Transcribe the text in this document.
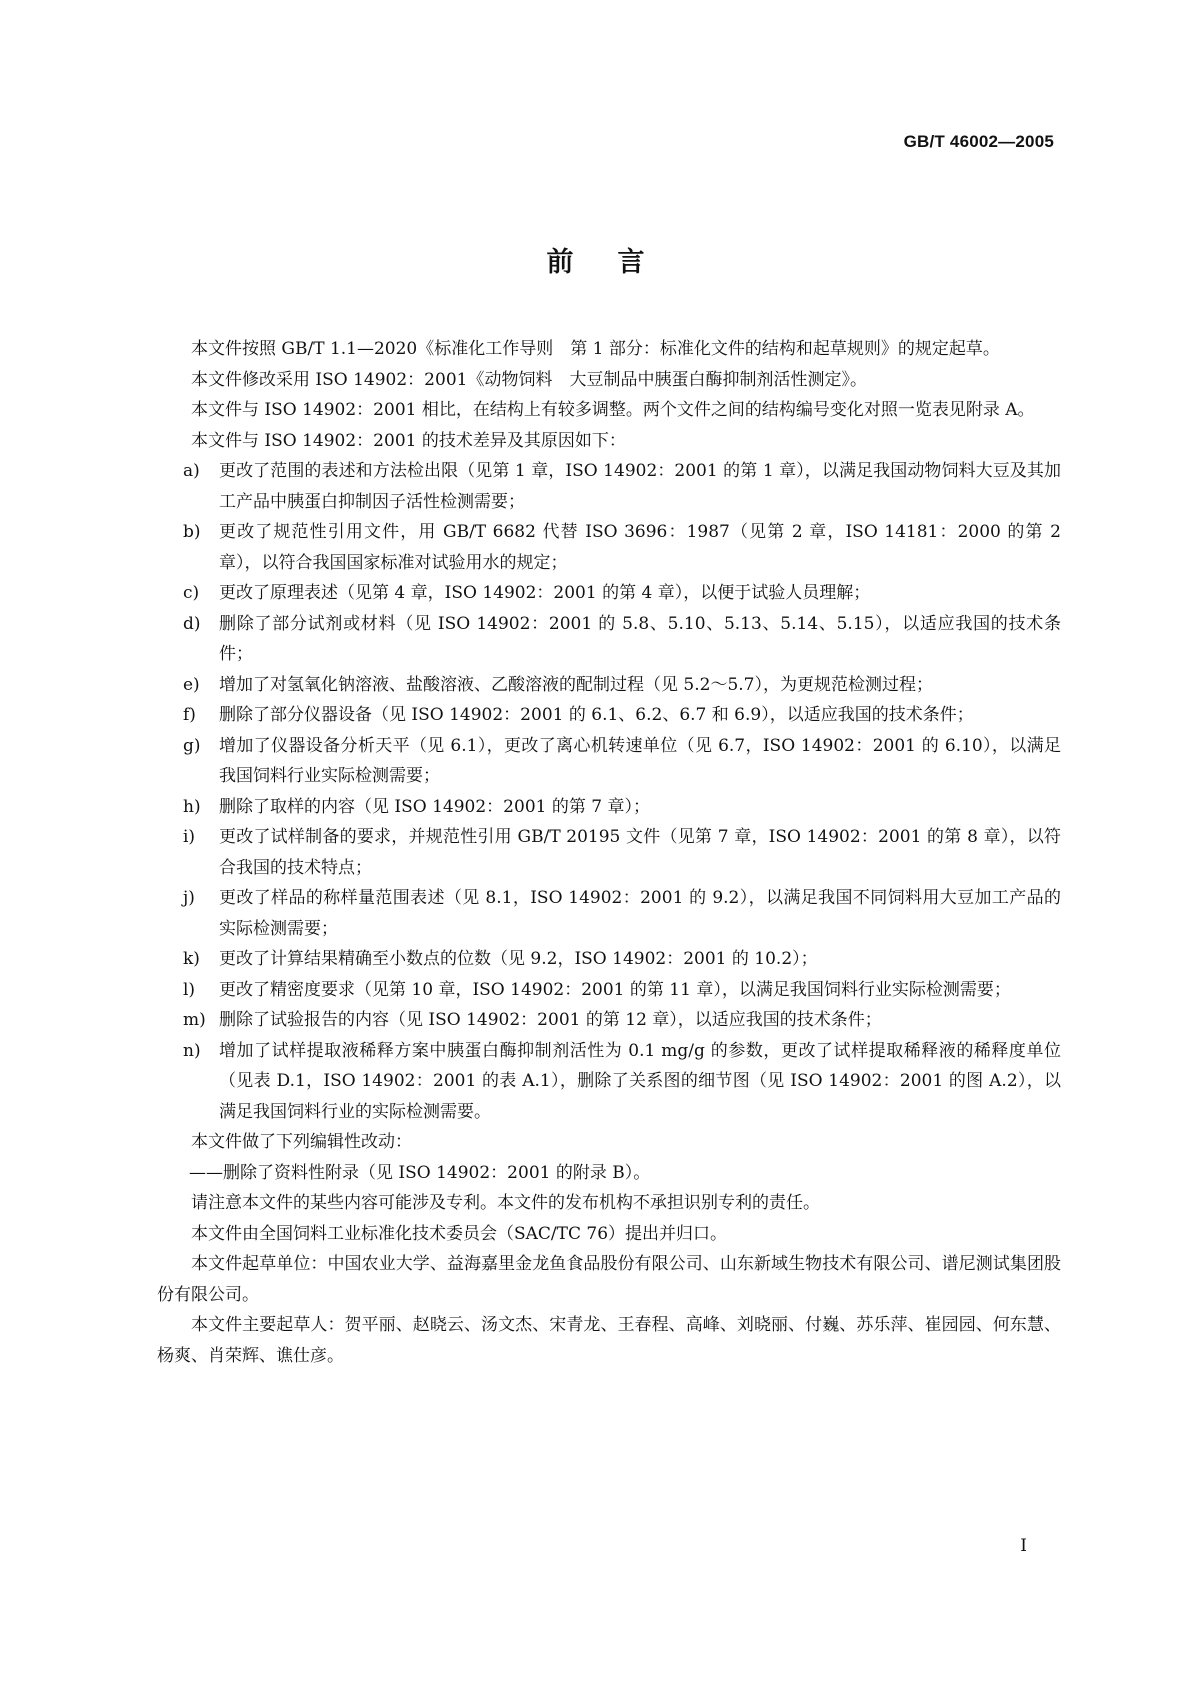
GB/T 46002—2005
前言

本文件按照 GB/T 1.1—2020《标准化工作导则　第 1 部分：标准化文件的结构和起草规则》的规定起草。

本文件修改采用 ISO 14902：2001《动物饲料　大豆制品中胰蛋白酶抑制剂活性测定》。

本文件与 ISO 14902：2001 相比，在结构上有较多调整。两个文件之间的结构编号变化对照一览表见附录 A。

本文件与 ISO 14902：2001 的技术差异及其原因如下：

a)	更改了范围的表述和方法检出限（见第 1 章，ISO 14902：2001 的第 1 章），以满足我国动物饲料大豆及其加工产品中胰蛋白抑制因子活性检测需要；
b)	更改了规范性引用文件，用 GB/T 6682 代替 ISO 3696：1987（见第 2 章，ISO 14181：2000 的第 2 章），以符合我国国家标准对试验用水的规定；
c)	更改了原理表述（见第 4 章，ISO 14902：2001 的第 4 章），以便于试验人员理解；
d)	删除了部分试剂或材料（见 ISO 14902：2001 的 5.8、5.10、5.13、5.14、5.15），以适应我国的技术条件；
e)	增加了对氢氧化钠溶液、盐酸溶液、乙酸溶液的配制过程（见 5.2～5.7），为更规范检测过程；
f)	删除了部分仪器设备（见 ISO 14902：2001 的 6.1、6.2、6.7 和 6.9），以适应我国的技术条件；
g)	增加了仪器设备分析天平（见 6.1），更改了离心机转速单位（见 6.7，ISO 14902：2001 的 6.10），以满足我国饲料行业实际检测需要；
h)	删除了取样的内容（见 ISO 14902：2001 的第 7 章）；
i)	更改了试样制备的要求，并规范性引用 GB/T 20195 文件（见第 7 章，ISO 14902：2001 的第 8 章），以符合我国的技术特点；
j)	更改了样品的称样量范围表述（见 8.1，ISO 14902：2001 的 9.2），以满足我国不同饲料用大豆加工产品的实际检测需要；
k)	更改了计算结果精确至小数点的位数（见 9.2，ISO 14902：2001 的 10.2）；
l)	更改了精密度要求（见第 10 章，ISO 14902：2001 的第 11 章），以满足我国饲料行业实际检测需要；
m) 删除了试验报告的内容（见 ISO 14902：2001 的第 12 章），以适应我国的技术条件；
n)	增加了试样提取液稀释方案中胰蛋白酶抑制剂活性为 0.1 mg/g 的参数，更改了试样提取稀释液的稀释度单位（见表 D.1，ISO 14902：2001 的表 A.1），删除了关系图的细节图（见 ISO 14902：2001 的图 A.2），以满足我国饲料行业的实际检测需要。

本文件做了下列编辑性改动：

——删除了资料性附录（见 ISO 14902：2001 的附录 B）。

请注意本文件的某些内容可能涉及专利。本文件的发布机构不承担识别专利的责任。

本文件由全国饲料工业标准化技术委员会（SAC/TC 76）提出并归口。

本文件起草单位：中国农业大学、益海嘉里金龙鱼食品股份有限公司、山东新域生物技术有限公司、谱尼测试集团股份有限公司。

本文件主要起草人：贺平丽、赵晓云、汤文杰、宋青龙、王春程、高峰、刘晓丽、付巍、苏乐萍、崔园园、何东慧、杨爽、肖荣辉、谯仕彦。

I
